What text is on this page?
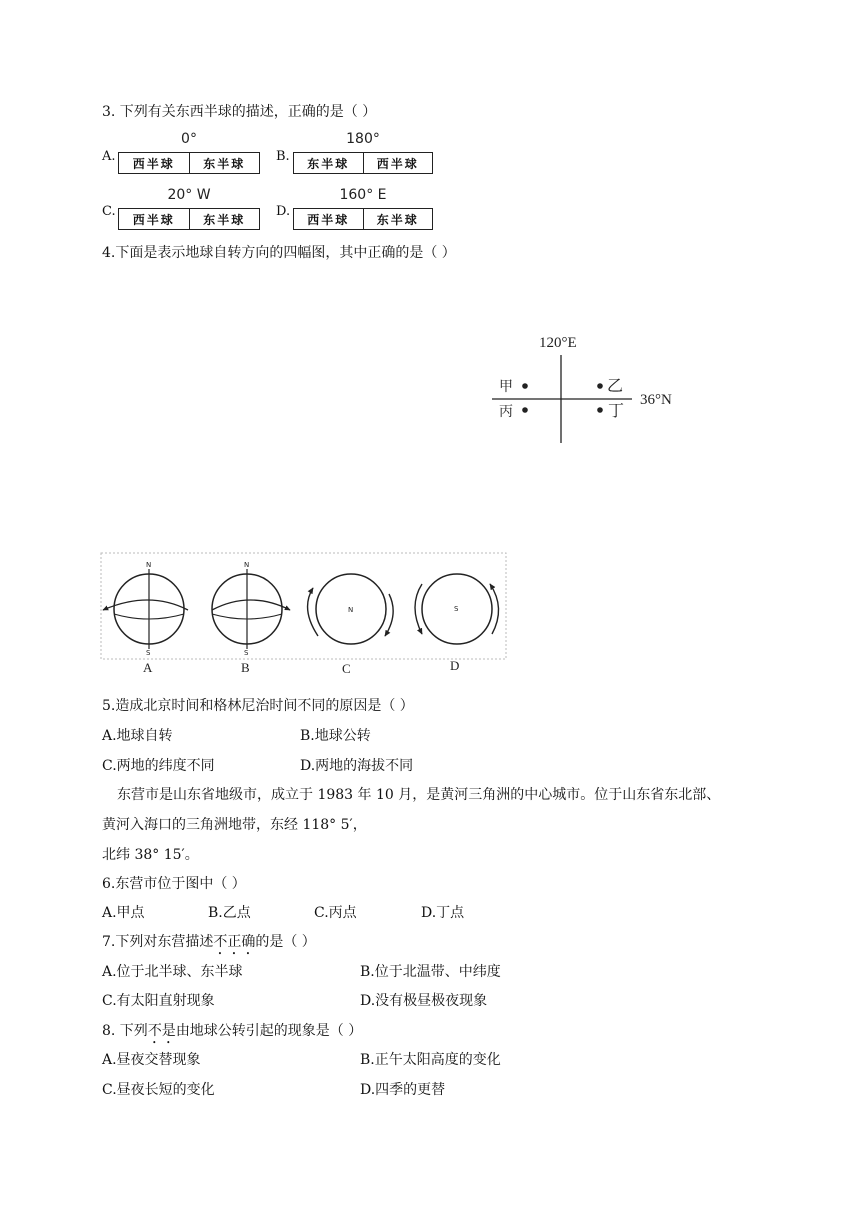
3. 下列有关东西半球的描述，正确的是（ ）
A.
0°
西半球	东半球	B.
180°
东半球	西半球
C.
20° W
西半球	东半球
D.
160° E
西半球	东半球
4.下面是表示地球自转方向的四幅图，其中正确的是（ ）
120°E
36°N
甲	乙
丙	丁
N
S
N
S
N	S
A	B	C	D
5.造成北京时间和格林尼治时间不同的原因是（ ）
A.地球自转	B.地球公转
C.两地的纬度不同	D.两地的海拔不同
东营市是山东省地级市，成立于 1983 年 10 月，是黄河三角洲的中心城市。位于山东省东北部、
黄河入海口的三角洲地带，东经 118° 5′，
北纬 38° 15′。
6.东营市位于图中（ ）
A.甲点	B.乙点	C.丙点	D.丁点
7.下列对东营描述不正确的是（ ）
A.位于北半球、东半球	B.位于北温带、中纬度
C.有太阳直射现象	D.没有极昼极夜现象
8. 下列不是由地球公转引起的现象是（ ）
A.昼夜交替现象	B.正午太阳高度的变化
C.昼夜长短的变化	D.四季的更替
